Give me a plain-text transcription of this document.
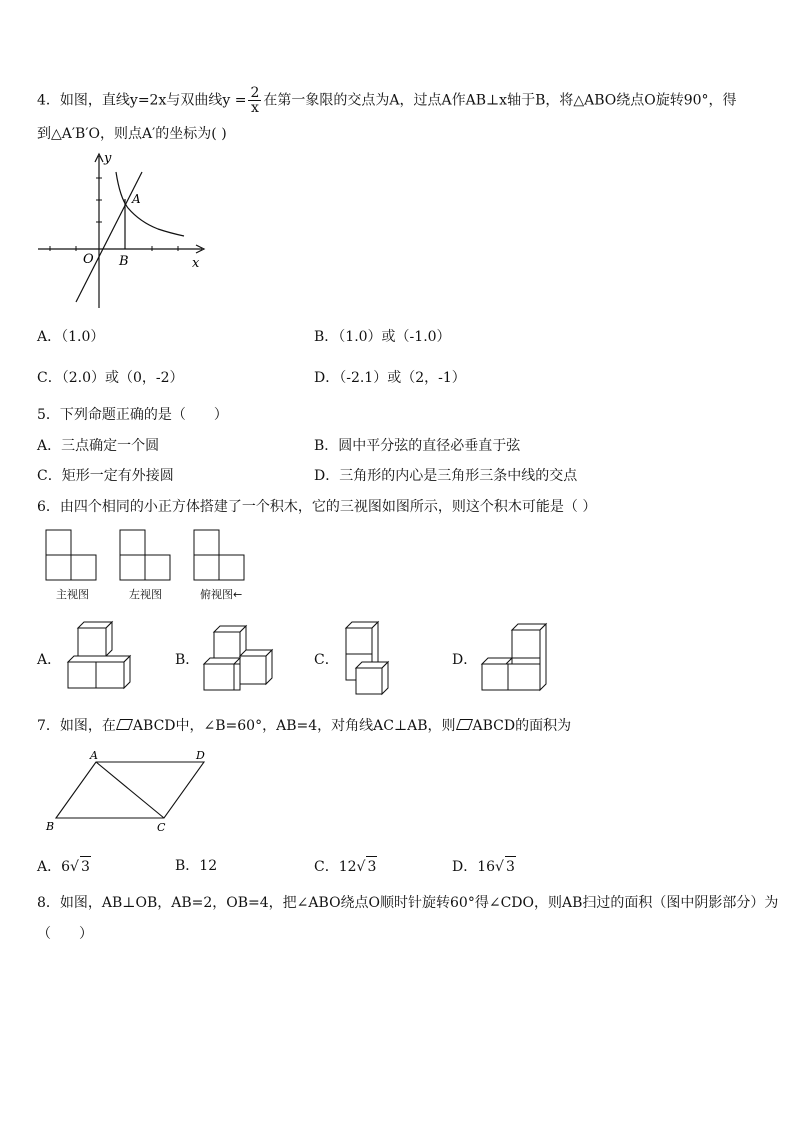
4．如图，直线y=2x与双曲线$y = \frac{2}{x}$ 在第一象限的交点为A，过点A作AB⊥x轴于B，将△ABO绕点O旋转90°，得
到△A′B′O，则点A′的坐标为( )
y
x
O B
A
A．（1.0）	B．（1.0）或（-1.0）
C．（2.0）或（0，-2）	D．（-2.1）或（2，-1）
5．下列命题正确的是（　　）
A．三点确定一个圆	B．圆中平分弦的直径必垂直于弦
C．矩形一定有外接圆	D．三角形的内心是三角形三条中线的交点
6．由四个相同的小正方体搭建了一个积木，它的三视图如图所示，则这个积木可能是（ ）
主视图	左视图	俯视图←
A．	B．	C．	D．
7．如图，在 ABCD中，∠B=60°，AB=4，对角线AC⊥AB，则 ABCD的面积为
A	D
B	C
A．6√ 3	B．12	C．12√ 3	D．16√ 3
8．如图，AB⊥OB，AB=2，OB=4，把∠ABO绕点O顺时针旋转60°得∠CDO，则AB扫过的面积（图中阴影部分）为
（　　）
